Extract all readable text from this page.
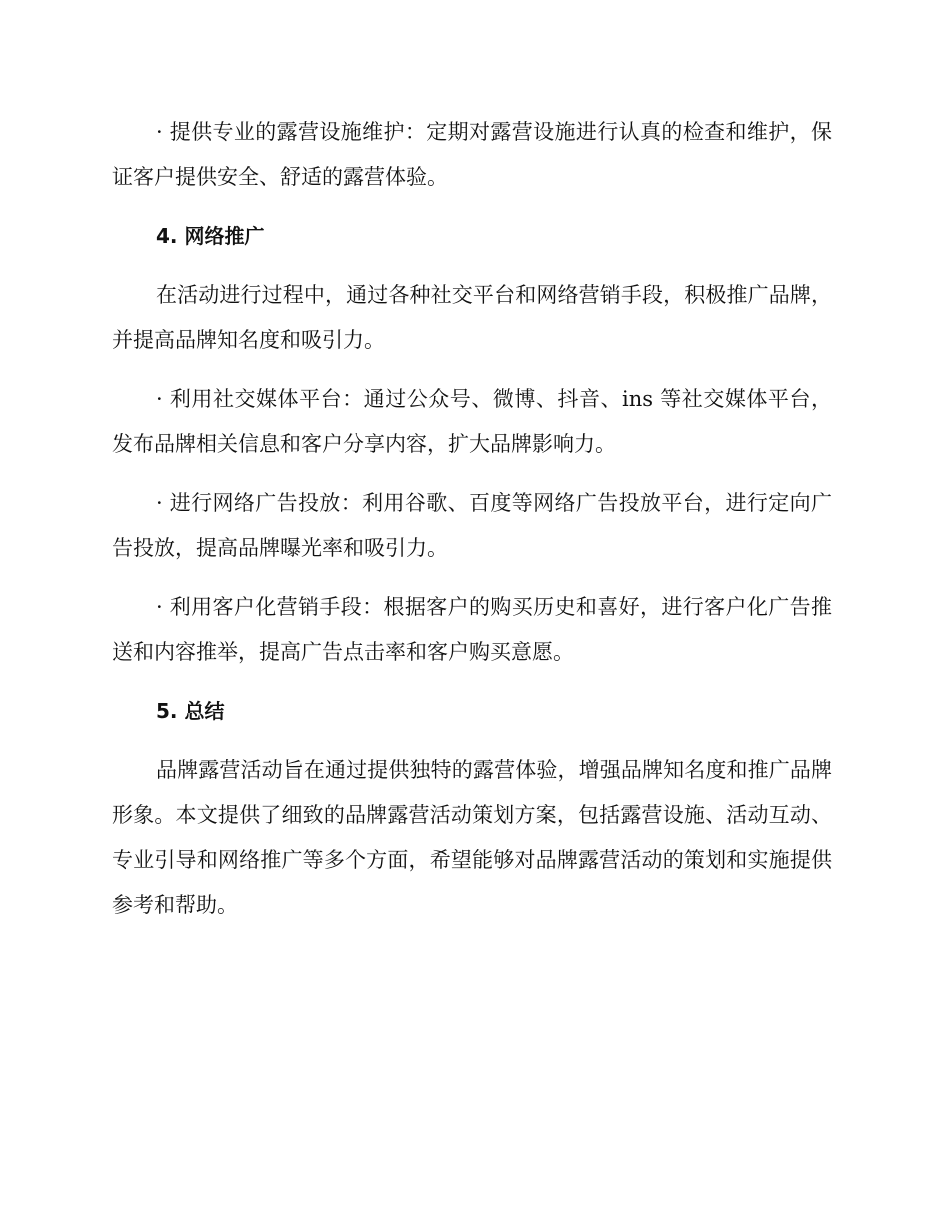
· 提供专业的露营设施维护：定期对露营设施进行认真的检查和维护，保证客户提供安全、舒适的露营体验。

4. 网络推广

在活动进行过程中，通过各种社交平台和网络营销手段，积极推广品牌，并提高品牌知名度和吸引力。

· 利用社交媒体平台：通过公众号、微博、抖音、ins 等社交媒体平台，发布品牌相关信息和客户分享内容，扩大品牌影响力。

· 进行网络广告投放：利用谷歌、百度等网络广告投放平台，进行定向广告投放，提高品牌曝光率和吸引力。

· 利用客户化营销手段：根据客户的购买历史和喜好，进行客户化广告推送和内容推举，提高广告点击率和客户购买意愿。

5. 总结

品牌露营活动旨在通过提供独特的露营体验，增强品牌知名度和推广品牌形象。本文提供了细致的品牌露营活动策划方案，包括露营设施、活动互动、专业引导和网络推广等多个方面，希望能够对品牌露营活动的策划和实施提供参考和帮助。
